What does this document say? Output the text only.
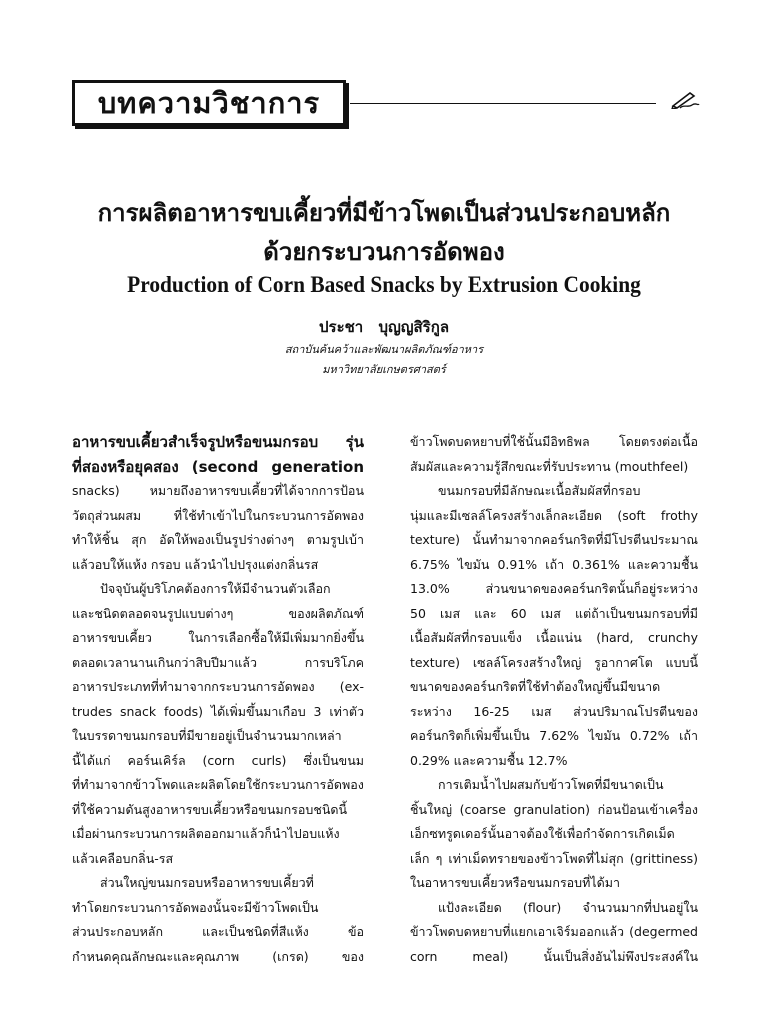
บทความวิชาการ
การผลิตอาหารขบเคี้ยวที่มีข้าวโพดเป็นส่วนประกอบหลัก
ด้วยกระบวนการอัดพอง
Production of Corn Based Snacks by Extrusion Cooking
ประชา บุญญสิริกูล
สถาบันค้นคว้าและพัฒนาผลิตภัณฑ์อาหาร
มหาวิทยาลัยเกษตรศาสตร์
อาหารขบเคี้ยวสำเร็จรูปหรือขนมกรอบ รุ่น
ที่สองหรือยุคสอง (second generation
snacks) หมายถึงอาหารขบเคี้ยวที่ได้จากการป้อน
วัตถุส่วนผสม ที่ใช้ทำเข้าไปในกระบวนการอัดพอง
ทำให้ชิ้น สุก อัดให้พองเป็นรูปร่างต่างๆ ตามรูปเบ้า
แล้วอบให้แห้ง กรอบ แล้วนำไปปรุงแต่งกลิ่นรส
ปัจจุบันผู้บริโภคต้องการให้มีจำนวนตัวเลือก
และชนิดตลอดจนรูปแบบต่างๆ ของผลิตภัณฑ์
อาหารขบเคี้ยว ในการเลือกซื้อให้มีเพิ่มมากยิ่งขึ้น
ตลอดเวลานานเกินกว่าสิบปีมาแล้ว การบริโภค
อาหารประเภทที่ทำมาจากกระบวนการอัดพอง (ex-
trudes snack foods) ได้เพิ่มขึ้นมาเกือบ 3 เท่าตัว
ในบรรดาขนมกรอบที่มีขายอยู่เป็นจำนวนมากเหล่า
นี้ได้แก่ คอร์นเคิร์ล (corn curls) ซึ่งเป็นขนม
ที่ทำมาจากข้าวโพดและผลิตโดยใช้กระบวนการอัดพอง
ที่ใช้ความดันสูงอาหารขบเคี้ยวหรือขนมกรอบชนิดนี้
เมื่อผ่านกระบวนการผลิตออกมาแล้วก็นำไปอบแห้ง
แล้วเคลือบกลิ่น-รส
ส่วนใหญ่ขนมกรอบหรืออาหารขบเคี้ยวที่
ทำโดยกระบวนการอัดพองนั้นจะมีข้าวโพดเป็น
ส่วนประกอบหลัก และเป็นชนิดที่สีแห้ง ข้อ
กำหนดคุณลักษณะและคุณภาพ (เกรด) ของ
ข้าวโพดบดหยาบที่ใช้นั้นมีอิทธิพล โดยตรงต่อเนื้อ
สัมผัสและความรู้สึกขณะที่รับประทาน (mouthfeel)
ขนมกรอบที่มีลักษณะเนื้อสัมผัสที่กรอบ
นุ่มและมีเซลล์โครงสร้างเล็กละเอียด (soft frothy
texture) นั้นทำมาจากคอร์นกริตที่มีโปรตีนประมาณ
6.75% ไขมัน 0.91% เถ้า 0.361% และความชื้น
13.0% ส่วนขนาดของคอร์นกริตนั้นก็อยู่ระหว่าง
50 เมส และ 60 เมส แต่ถ้าเป็นขนมกรอบที่มี
เนื้อสัมผัสที่กรอบแข็ง เนื้อแน่น (hard, crunchy
texture) เซลล์โครงสร้างใหญ่ รูอากาศโต แบบนี้
ขนาดของคอร์นกริตที่ใช้ทำต้องใหญ่ขึ้นมีขนาด
ระหว่าง 16-25 เมส ส่วนปริมาณโปรตีนของ
คอร์นกริตก็เพิ่มขึ้นเป็น 7.62% ไขมัน 0.72% เถ้า
0.29% และความชื้น 12.7%
การเติมน้ำไปผสมกับข้าวโพดที่มีขนาดเป็น
ชิ้นใหญ่ (coarse granulation) ก่อนป้อนเข้าเครื่อง
เอ็กซทรูดเดอร์นั้นอาจต้องใช้เพื่อกำจัดการเกิดเม็ด
เล็ก ๆ เท่าเม็ดทรายของข้าวโพดที่ไม่สุก (grittiness)
ในอาหารขบเคี้ยวหรือขนมกรอบที่ได้มา
แป้งละเอียด (flour) จำนวนมากที่ปนอยู่ใน
ข้าวโพดบดหยาบที่แยกเอาเจิร์มออกแล้ว (degermed
corn meal) นั้นเป็นสิ่งอันไม่พึงประสงค์ใน
